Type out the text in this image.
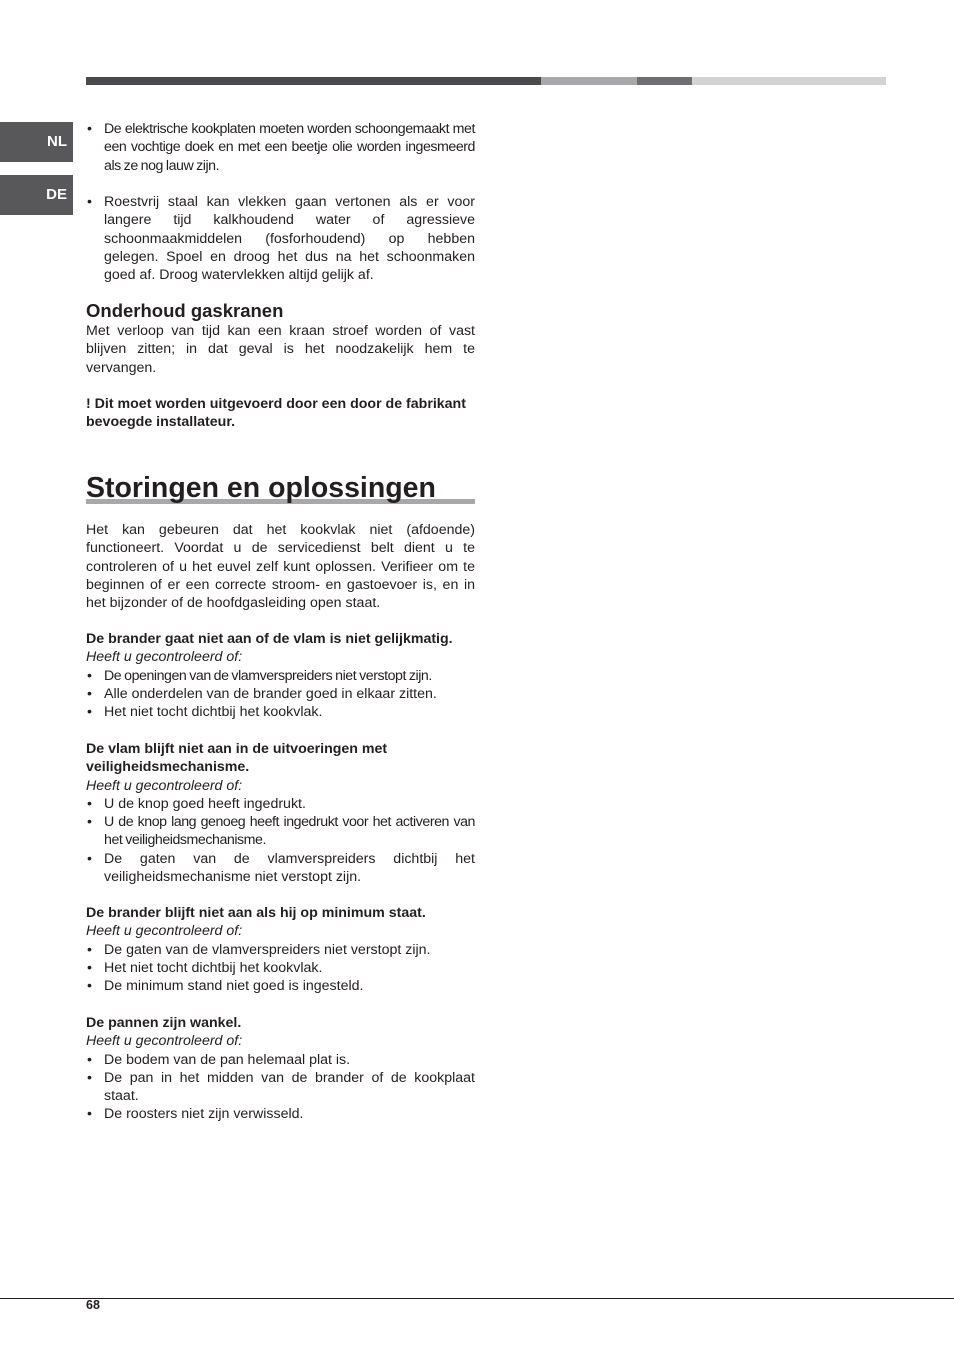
NL
DE
• De elektrische kookplaten moeten worden schoongemaakt met een vochtige doek en met een beetje olie worden ingesmeerd als ze nog lauw zijn.
• Roestvrij staal kan vlekken gaan vertonen als er voor langere tijd kalkhoudend water of agressieve schoonmaakmiddelen (fosforhoudend) op hebben gelegen. Spoel en droog het dus na het schoonmaken goed af. Droog watervlekken altijd gelijk af.
Onderhoud gaskranen

Met verloop van tijd kan een kraan stroef worden of vast blijven zitten; in dat geval is het noodzakelijk hem te vervangen.

! Dit moet worden uitgevoerd door een door de fabrikant bevoegde installateur.
Storingen en oplossingen

Het kan gebeuren dat het kookvlak niet (afdoende) functioneert. Voordat u de servicedienst belt dient u te controleren of u het euvel zelf kunt oplossen. Verifieer om te beginnen of er een correcte stroom- en gastoevoer is, en in het bijzonder of de hoofdgasleiding open staat.

De brander gaat niet aan of de vlam is niet gelijkmatig.
Heeft u gecontroleerd of:
• De openingen van de vlamverspreiders niet verstopt zijn.
• Alle onderdelen van de brander goed in elkaar zitten.
• Het niet tocht dichtbij het kookvlak.
De vlam blijft niet aan in de uitvoeringen met veiligheidsmechanisme.
Heeft u gecontroleerd of:
• U de knop goed heeft ingedrukt.
• U de knop lang genoeg heeft ingedrukt voor het activeren van het veiligheidsmechanisme.
• De gaten van de vlamverspreiders dichtbij het veiligheidsmechanisme niet verstopt zijn.
De brander blijft niet aan als hij op minimum staat.
Heeft u gecontroleerd of:
• De gaten van de vlamverspreiders niet verstopt zijn.
• Het niet tocht dichtbij het kookvlak.
• De minimum stand niet goed is ingesteld.
De pannen zijn wankel.
Heeft u gecontroleerd of:
• De bodem van de pan helemaal plat is.
• De pan in het midden van de brander of de kookplaat staat.
• De roosters niet zijn verwisseld.
68
